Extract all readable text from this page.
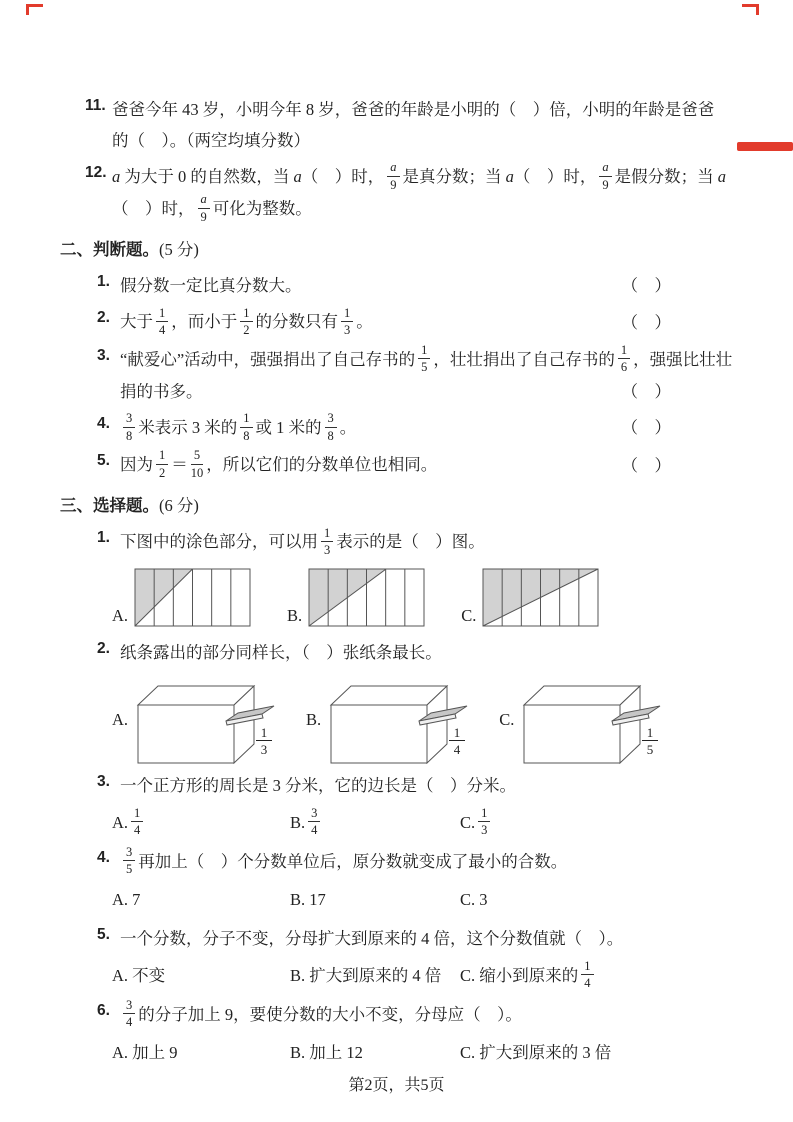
11. 爸爸今年 43 岁，小明今年 8 岁，爸爸的年龄是小明的（　）倍，小明的年龄是爸爸
的（　）。（两空均填分数）
12. a 为大于 0 的自然数，当 a（　）时， $\frac{a}{9}$ 是真分数；当 a（　）时， $\frac{a}{9}$ 是假分数；当 a
（　）时， $\frac{a}{9}$ 可化为整数。
二、判断题。(5 分)
1. 假分数一定比真分数大。	（　）
2. 大于 $\frac{1}{4}$ ，而小于 $\frac{1}{2}$ 的分数只有 $\frac{1}{3}$ 。	（　）
3. “献爱心”活动中，强强捐出了自己存书的 $\frac{1}{5}$ ，壮壮捐出了自己存书的 $\frac{1}{6}$ ，强强比壮壮
捐的书多。	（　）
4.	$\frac{3}{8}$ 米表示 3 米的 $\frac{1}{8}$ 或 1 米的 $\frac{3}{8}$ 。	（　）
5. 因为 $\frac{1}{2} = \frac{5}{10}$ ，所以它们的分数单位也相同。	（　）
三、选择题。(6 分)
1. 下图中的涂色部分，可以用 $\frac{1}{3}$ 表示的是（　）图。
A.	B.	C.
2. 纸条露出的部分同样长，（　）张纸条最长。
A.
1
3
B.
1
4
C.
1
5
3. 一个正方形的周长是 3 分米，它的边长是（　）分米。
A. $\frac{1}{4}$	B. $\frac{3}{4}$	C. $\frac{1}{3}$
4.	$\frac{3}{5}$ 再加上（　）个分数单位后，原分数就变成了最小的合数。
A. 7	B. 17	C. 3
5. 一个分数，分子不变，分母扩大到原来的 4 倍，这个分数值就（　）。
A. 不变	B. 扩大到原来的 4 倍	C. 缩小到原来的 $\frac{1}{4}$
6.	$\frac{3}{4}$ 的分子加上 9，要使分数的大小不变，分母应（　）。
A. 加上 9	B. 加上 12	C. 扩大到原来的 3 倍
第2页，共5页
